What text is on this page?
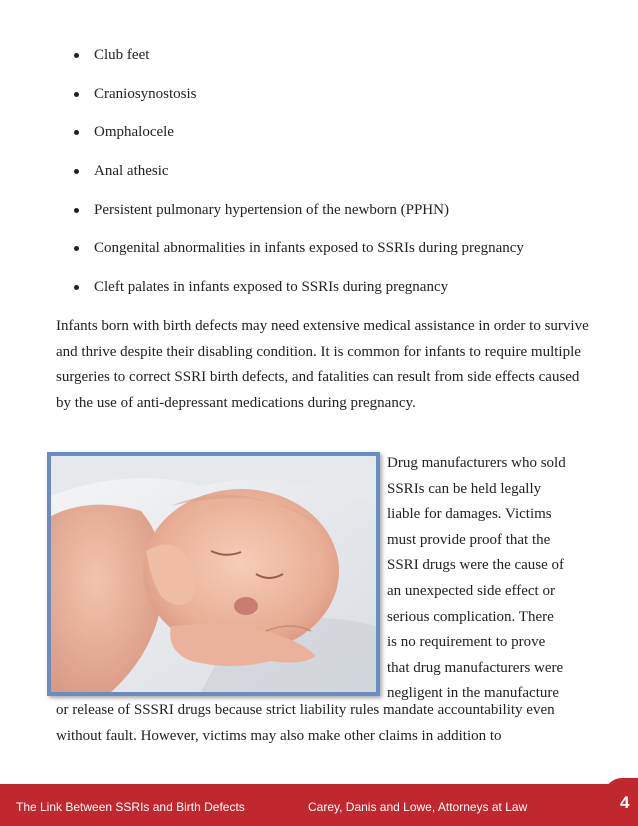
Club feet
Craniosynostosis
Omphalocele
Anal athesic
Persistent pulmonary hypertension of the newborn (PPHN)
Congenital abnormalities in infants exposed to SSRIs during pregnancy
Cleft palates in infants exposed to SSRIs during pregnancy

Infants born with birth defects may need extensive medical assistance in order to survive and thrive despite their disabling condition. It is common for infants to require multiple surgeries to correct SSRI birth defects, and fatalities can result from side effects caused by the use of anti-depressant medications during pregnancy.

Drug manufacturers who sold
SSRIs can be held legally
liable for damages. Victims
must provide proof that the
SSRI drugs were the cause of
an unexpected side effect or
serious complication. There
is no requirement to prove
that drug manufacturers were
negligent in the manufacture

or release of SSSRI drugs because strict liability rules mandate accountability even without fault. However, victims may also make other claims in addition to

The Link Between SSRIs and Birth Defects	Carey, Danis and Lowe, Attorneys at Law	4
